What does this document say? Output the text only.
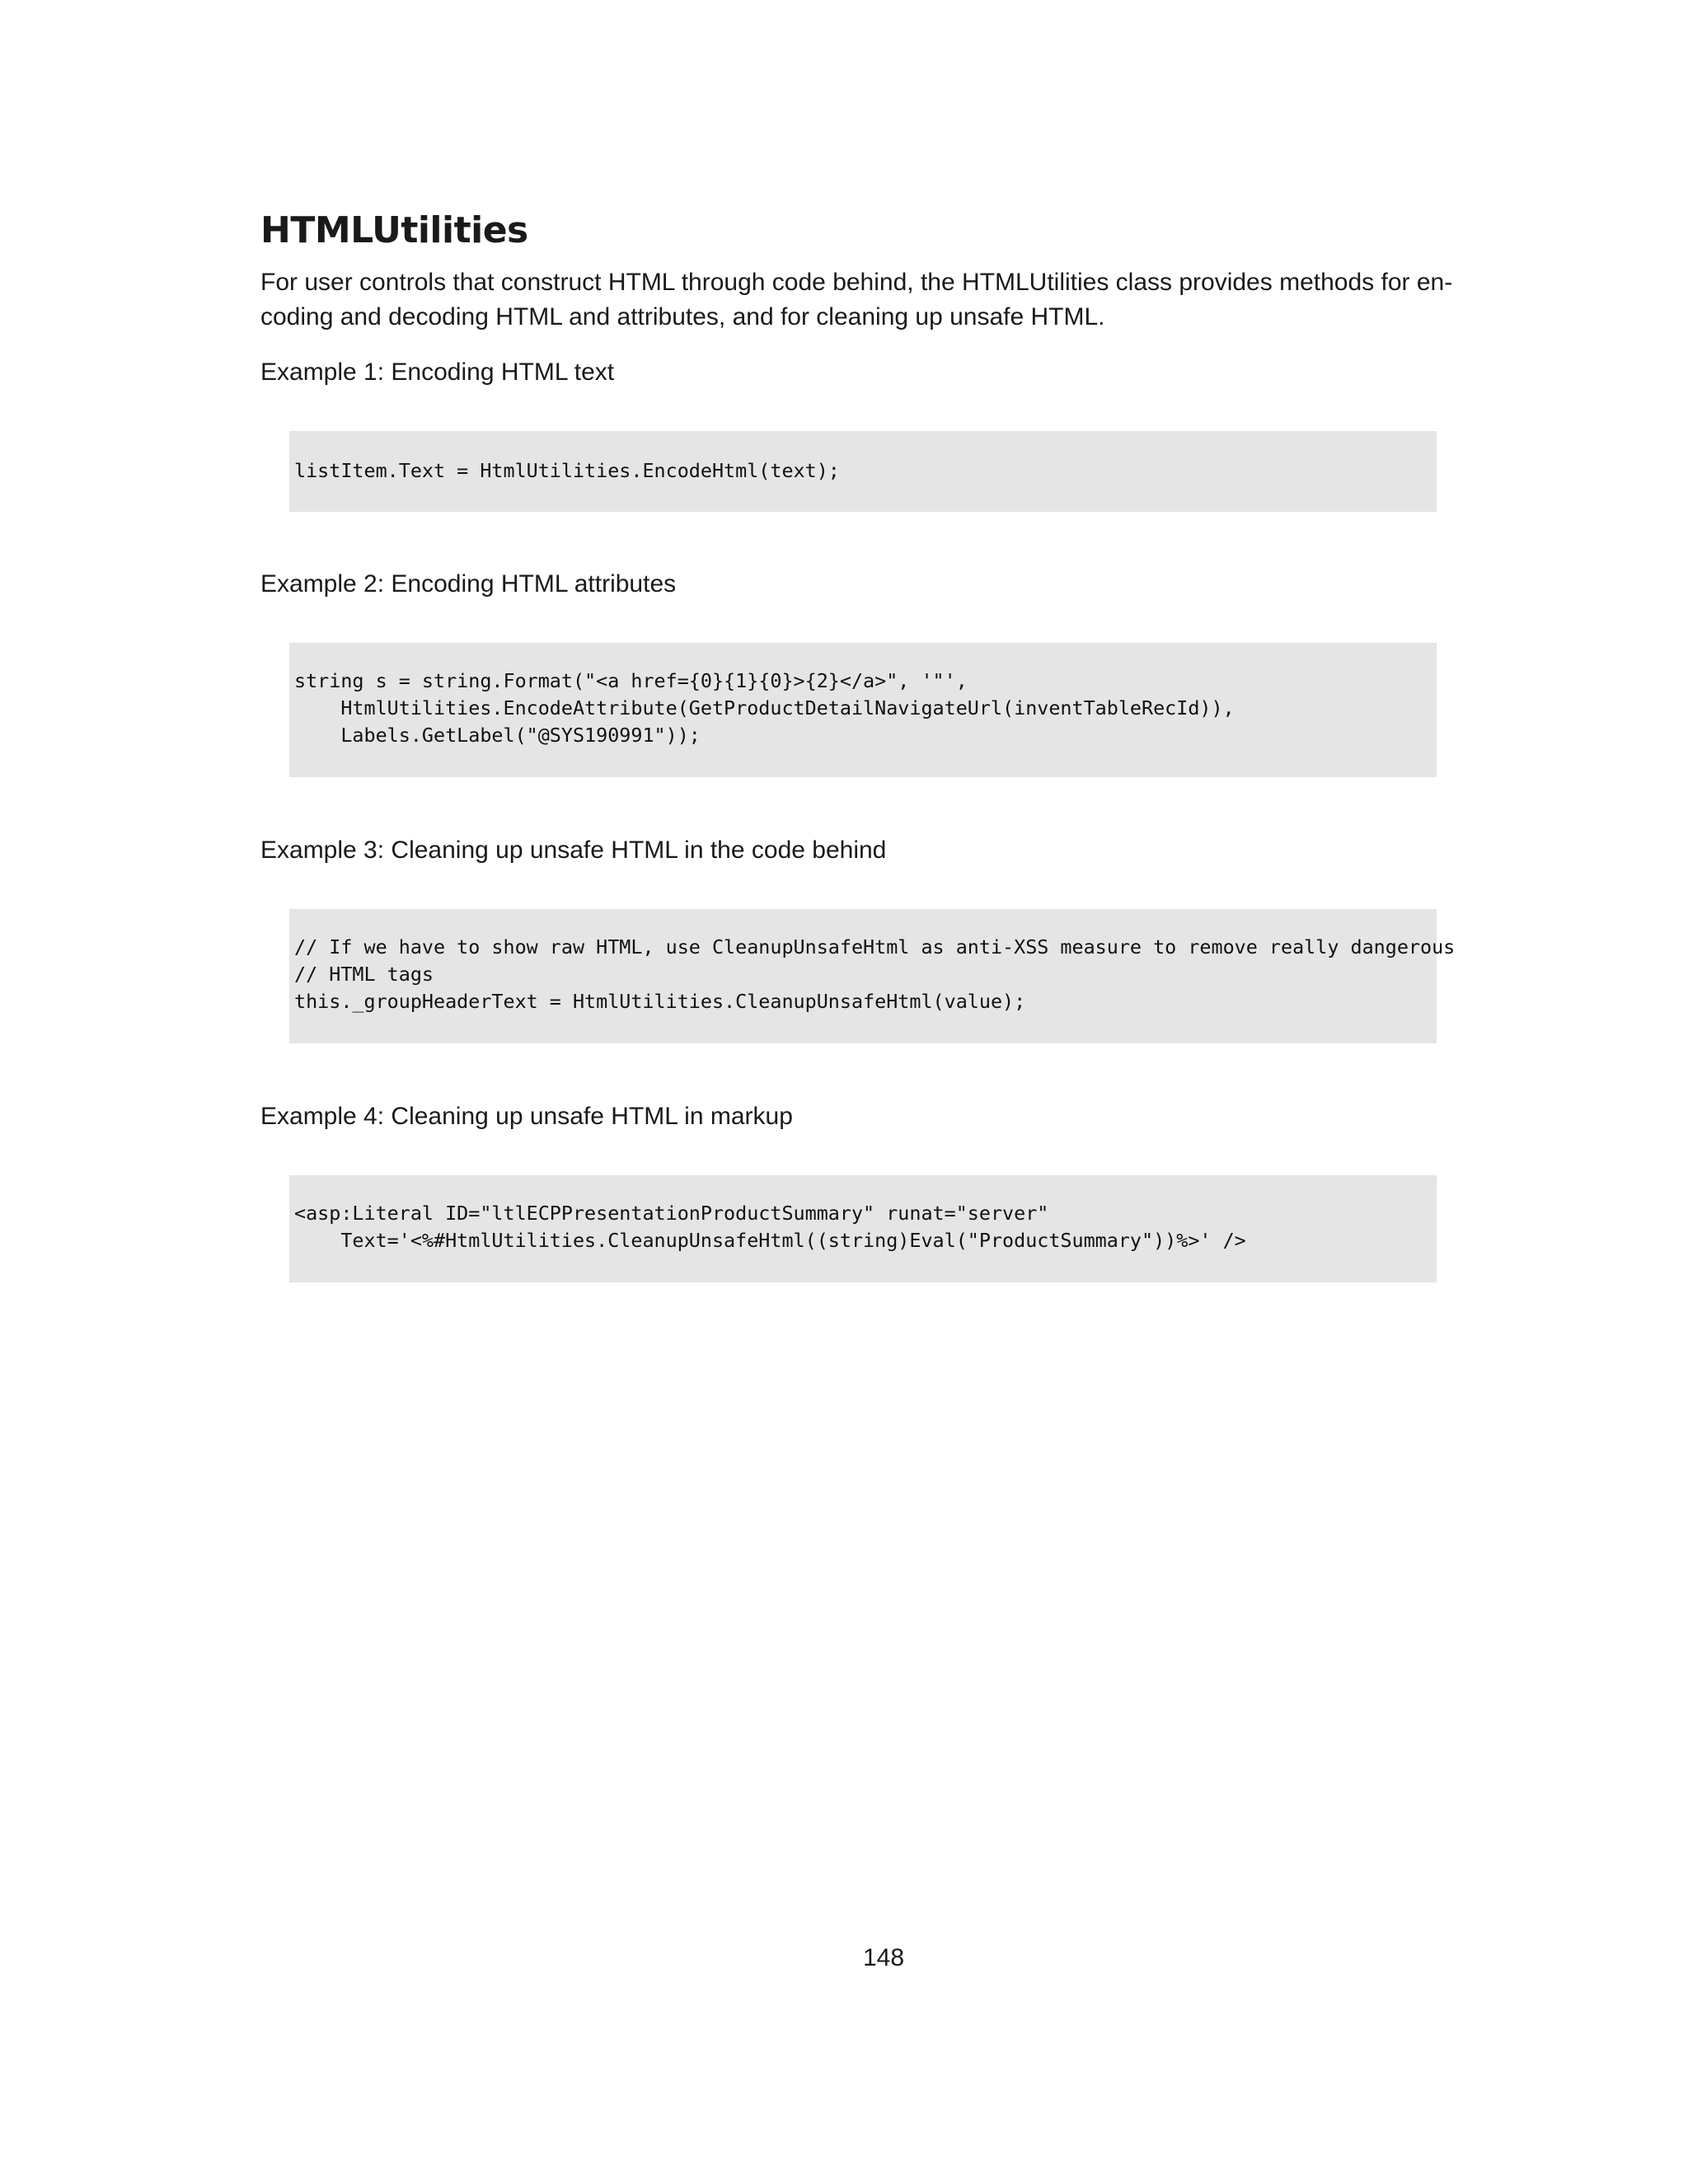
HTMLUtilities

For user controls that construct HTML through code behind, the HTMLUtilities class provides methods for en-
coding and decoding HTML and attributes, and for cleaning up unsafe HTML.

Example 1: Encoding HTML text

listItem.Text = HtmlUtilities.EncodeHtml(text);

Example 2: Encoding HTML attributes

string s = string.Format("<a href={0}{1}{0}>{2}</a>", '"',
HtmlUtilities.EncodeAttribute(GetProductDetailNavigateUrl(inventTableRecId)),
Labels.GetLabel("@SYS190991"));

Example 3: Cleaning up unsafe HTML in the code behind

// If we have to show raw HTML, use CleanupUnsafeHtml as anti-XSS measure to remove really dangerous
// HTML tags
this._groupHeaderText = HtmlUtilities.CleanupUnsafeHtml(value);

Example 4: Cleaning up unsafe HTML in markup

<asp:Literal ID="ltlECPPresentationProductSummary" runat="server"
Text='<%#HtmlUtilities.CleanupUnsafeHtml((string)Eval("ProductSummary"))%>' />
148
